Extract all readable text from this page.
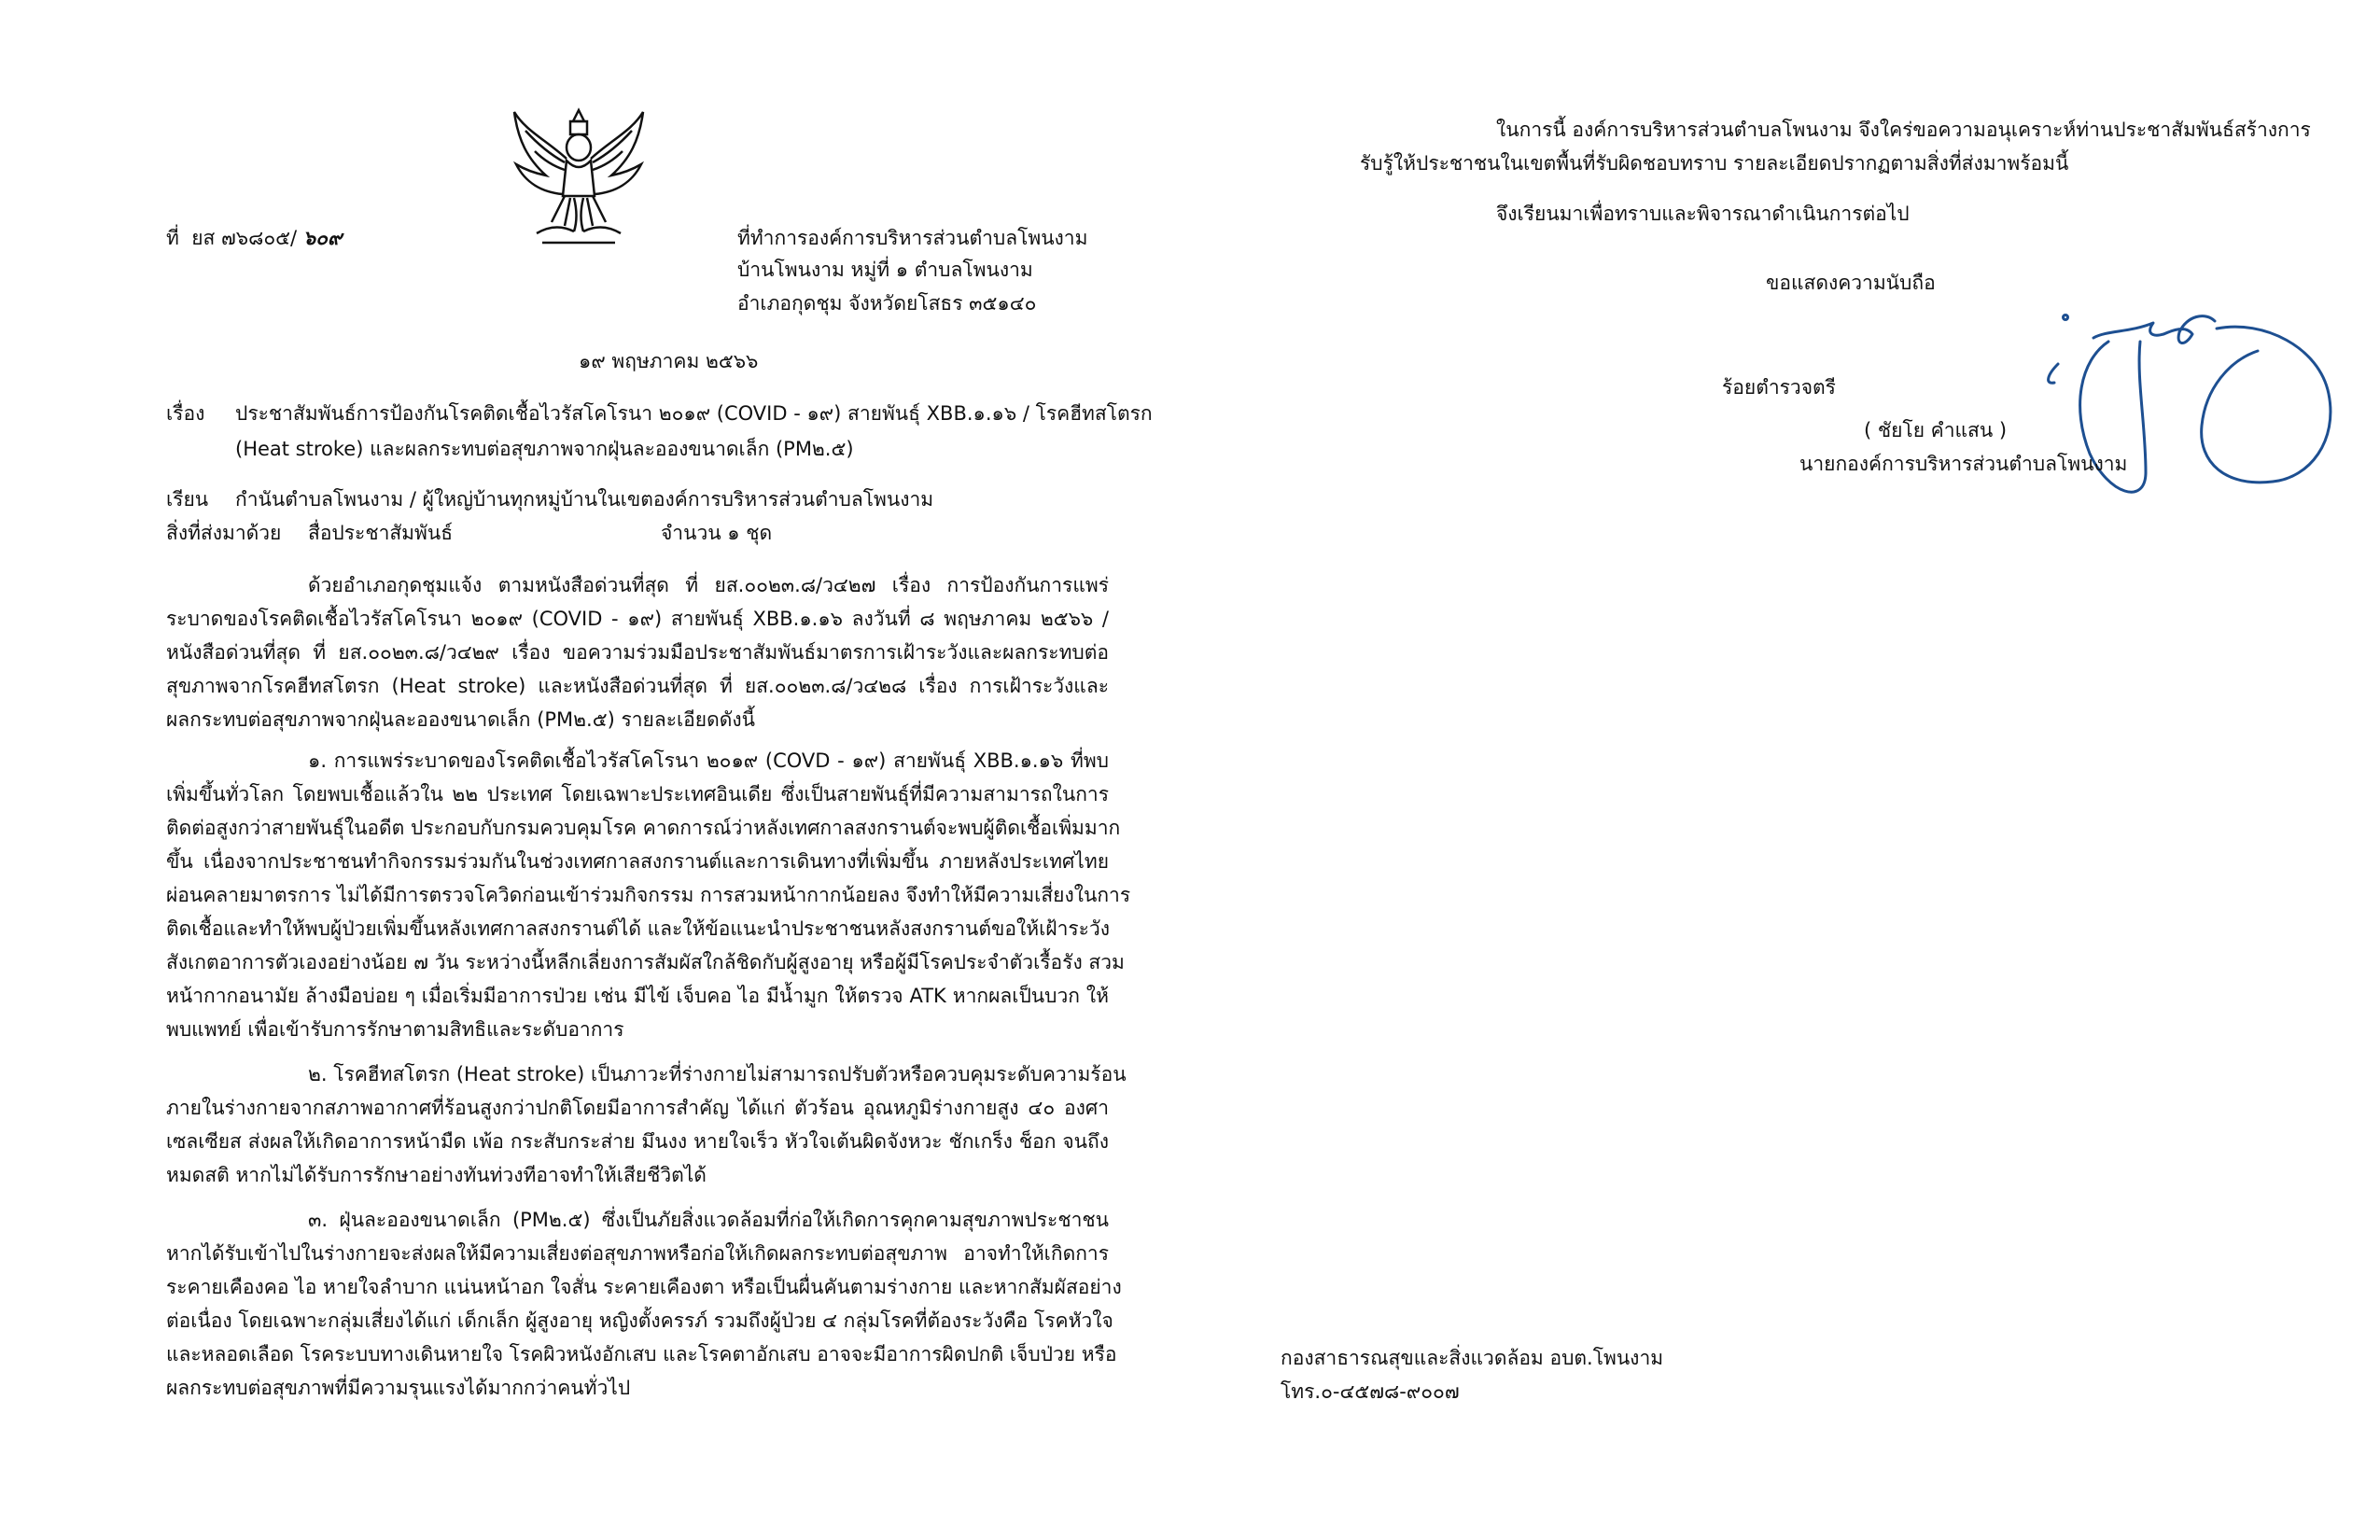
ที่ ยส ๗๖๘๐๕/ ๖๐๙	ที่ทำการองค์การบริหารส่วนตำบลโพนงาม
บ้านโพนงาม หมู่ที่ ๑ ตำบลโพนงาม
อำเภอกุดชุม จังหวัดยโสธร ๓๕๑๔๐
๑๙ พฤษภาคม ๒๕๖๖
เรื่อง ประชาสัมพันธ์การป้องกันโรคติดเชื้อไวรัสโคโรนา ๒๐๑๙ (COVID - ๑๙) สายพันธุ์ XBB.๑.๑๖ / โรคฮีทสโตรก
(Heat stroke) และผลกระทบต่อสุขภาพจากฝุ่นละอองขนาดเล็ก (PM๒.๕)
เรียน กำนันตำบลโพนงาม / ผู้ใหญ่บ้านทุกหมู่บ้านในเขตองค์การบริหารส่วนตำบลโพนงาม
สิ่งที่ส่งมาด้วย สื่อประชาสัมพันธ์	จำนวน ๑ ชุด
ด้วยอำเภอกุดชุมแจ้ง ตามหนังสือด่วนที่สุด ที่ ยส.๐๐๒๓.๘/ว๔๒๗ เรื่อง การป้องกันการแพร่
ระบาดของโรคติดเชื้อไวรัสโคโรนา ๒๐๑๙ (COVID - ๑๙) สายพันธุ์ XBB.๑.๑๖ ลงวันที่ ๘ พฤษภาคม ๒๕๖๖ /
หนังสือด่วนที่สุด ที่ ยส.๐๐๒๓.๘/ว๔๒๙ เรื่อง ขอความร่วมมือประชาสัมพันธ์มาตรการเฝ้าระวังและผลกระทบต่อ
สุขภาพจากโรคฮีทสโตรก (Heat stroke) และหนังสือด่วนที่สุด ที่ ยส.๐๐๒๓.๘/ว๔๒๘ เรื่อง การเฝ้าระวังและ
ผลกระทบต่อสุขภาพจากฝุ่นละอองขนาดเล็ก (PM๒.๕) รายละเอียดดังนี้
๑. การแพร่ระบาดของโรคติดเชื้อไวรัสโคโรนา ๒๐๑๙ (COVD - ๑๙) สายพันธุ์ XBB.๑.๑๖ ที่พบ
เพิ่มขึ้นทั่วโลก โดยพบเชื้อแล้วใน ๒๒ ประเทศ โดยเฉพาะประเทศอินเดีย ซึ่งเป็นสายพันธุ์ที่มีความสามารถในการ
ติดต่อสูงกว่าสายพันธุ์ในอดีต ประกอบกับกรมควบคุมโรค คาดการณ์ว่าหลังเทศกาลสงกรานต์จะพบผู้ติดเชื้อเพิ่มมาก
ขึ้น เนื่องจากประชาชนทำกิจกรรมร่วมกันในช่วงเทศกาลสงกรานต์และการเดินทางที่เพิ่มขึ้น ภายหลังประเทศไทย
ผ่อนคลายมาตรการ ไม่ได้มีการตรวจโควิดก่อนเข้าร่วมกิจกรรม การสวมหน้ากากน้อยลง จึงทำให้มีความเสี่ยงในการ
ติดเชื้อและทำให้พบผู้ป่วยเพิ่มขึ้นหลังเทศกาลสงกรานต์ได้ และให้ข้อแนะนำประชาชนหลังสงกรานต์ขอให้เฝ้าระวัง
สังเกตอาการตัวเองอย่างน้อย ๗ วัน ระหว่างนี้หลีกเลี่ยงการสัมผัสใกล้ชิดกับผู้สูงอายุ หรือผู้มีโรคประจำตัวเรื้อรัง สวม
หน้ากากอนามัย ล้างมือบ่อย ๆ เมื่อเริ่มมีอาการป่วย เช่น มีไข้ เจ็บคอ ไอ มีน้ำมูก ให้ตรวจ ATK หากผลเป็นบวก ให้
พบแพทย์ เพื่อเข้ารับการรักษาตามสิทธิและระดับอาการ
๒. โรคฮีทสโตรก (Heat stroke) เป็นภาวะที่ร่างกายไม่สามารถปรับตัวหรือควบคุมระดับความร้อน
ภายในร่างกายจากสภาพอากาศที่ร้อนสูงกว่าปกติโดยมีอาการสำคัญ ได้แก่ ตัวร้อน อุณหภูมิร่างกายสูง ๔๐ องศา
เซลเซียส ส่งผลให้เกิดอาการหน้ามืด เพ้อ กระสับกระส่าย มึนงง หายใจเร็ว หัวใจเต้นผิดจังหวะ ชักเกร็ง ช็อก จนถึง
หมดสติ หากไม่ได้รับการรักษาอย่างทันท่วงทีอาจทำให้เสียชีวิตได้
๓. ฝุ่นละอองขนาดเล็ก (PM๒.๕) ซึ่งเป็นภัยสิ่งแวดล้อมที่ก่อให้เกิดการคุกคามสุขภาพประชาชน
หากได้รับเข้าไปในร่างกายจะส่งผลให้มีความเสี่ยงต่อสุขภาพหรือก่อให้เกิดผลกระทบต่อสุขภาพ อาจทำให้เกิดการ
ระคายเคืองคอ ไอ หายใจลำบาก แน่นหน้าอก ใจสั่น ระคายเคืองตา หรือเป็นผื่นคันตามร่างกาย และหากสัมผัสอย่าง
ต่อเนื่อง โดยเฉพาะกลุ่มเสี่ยงได้แก่ เด็กเล็ก ผู้สูงอายุ หญิงตั้งครรภ์ รวมถึงผู้ป่วย ๔ กลุ่มโรคที่ต้องระวังคือ โรคหัวใจ
และหลอดเลือด โรคระบบทางเดินหายใจ โรคผิวหนังอักเสบ และโรคตาอักเสบ อาจจะมีอาการผิดปกติ เจ็บป่วย หรือ
ผลกระทบต่อสุขภาพที่มีความรุนแรงได้มากกว่าคนทั่วไป
ในการนี้ องค์การบริหารส่วนตำบลโพนงาม จึงใคร่ขอความอนุเคราะห์ท่านประชาสัมพันธ์สร้างการ
รับรู้ให้ประชาชนในเขตพื้นที่รับผิดชอบทราบ รายละเอียดปรากฏตามสิ่งที่ส่งมาพร้อมนี้
จึงเรียนมาเพื่อทราบและพิจารณาดำเนินการต่อไป
ขอแสดงความนับถือ
ร้อยตำรวจตรี
( ชัยโย คำแสน )
นายกองค์การบริหารส่วนตำบลโพนงาม
กองสาธารณสุขและสิ่งแวดล้อม อบต.โพนงาม
โทร.๐-๔๕๗๘-๙๐๐๗
